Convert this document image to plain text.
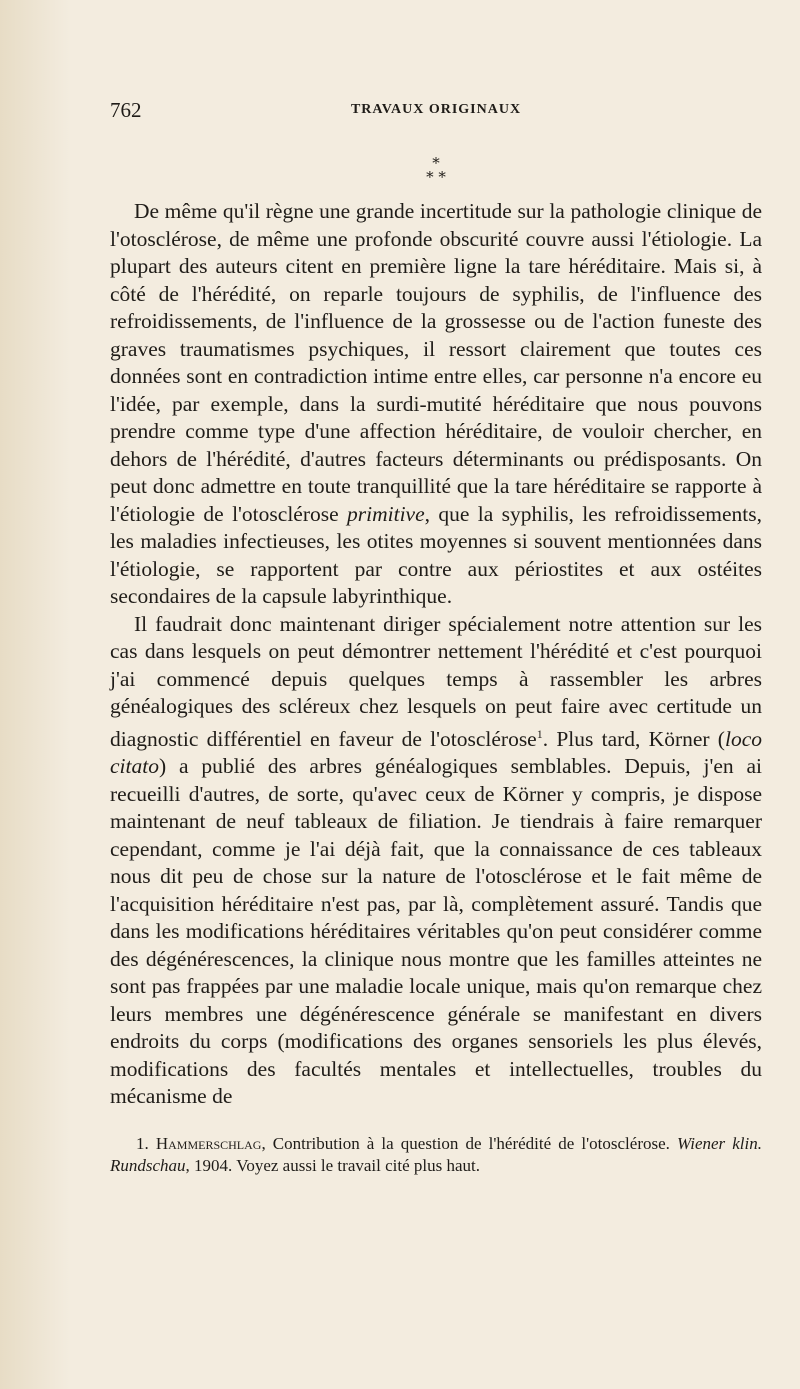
762	TRAVAUX ORIGINAUX
*
* *

De même qu'il règne une grande incertitude sur la pathologie clinique de l'otosclérose, de même une profonde obscurité couvre aussi l'étiologie. La plupart des auteurs citent en première ligne la tare héréditaire. Mais si, à côté de l'hérédité, on reparle toujours de syphilis, de l'influence des refroidissements, de l'influence de la grossesse ou de l'action funeste des graves traumatismes psychiques, il ressort clairement que toutes ces données sont en contradiction intime entre elles, car personne n'a encore eu l'idée, par exemple, dans la surdi-mutité héréditaire que nous pouvons prendre comme type d'une affection héréditaire, de vouloir chercher, en dehors de l'hérédité, d'autres facteurs déterminants ou prédisposants. On peut donc admettre en toute tranquillité que la tare héréditaire se rapporte à l'étiologie de l'otosclérose primitive, que la syphilis, les refroidissements, les maladies infectieuses, les otites moyennes si souvent mentionnées dans l'étiologie, se rapportent par contre aux périostites et aux ostéites secondaires de la capsule labyrinthique.

Il faudrait donc maintenant diriger spécialement notre attention sur les cas dans lesquels on peut démontrer nettement l'hérédité et c'est pourquoi j'ai commencé depuis quelques temps à rassembler les arbres généalogiques des scléreux chez lesquels on peut faire avec certitude un diagnostic différentiel en faveur de l'otosclérose$^1$. Plus tard, Körner (loco citato) a publié des arbres généalogiques semblables. Depuis, j'en ai recueilli d'autres, de sorte, qu'avec ceux de Körner y compris, je dispose maintenant de neuf tableaux de filiation. Je tiendrais à faire remarquer cependant, comme je l'ai déjà fait, que la connaissance de ces tableaux nous dit peu de chose sur la nature de l'otosclérose et le fait même de l'acquisition héréditaire n'est pas, par là, complètement assuré. Tandis que dans les modifications héréditaires véritables qu'on peut considérer comme des dégénérescences, la clinique nous montre que les familles atteintes ne sont pas frappées par une maladie locale unique, mais qu'on remarque chez leurs membres une dégénérescence générale se manifestant en divers endroits du corps (modifications des organes sensoriels les plus élevés, modifications des facultés mentales et intellectuelles, troubles du mécanisme de

1. Hammerschlag, Contribution à la question de l'hérédité de l'otosclérose. Wiener klin. Rundschau, 1904. Voyez aussi le travail cité plus haut.
